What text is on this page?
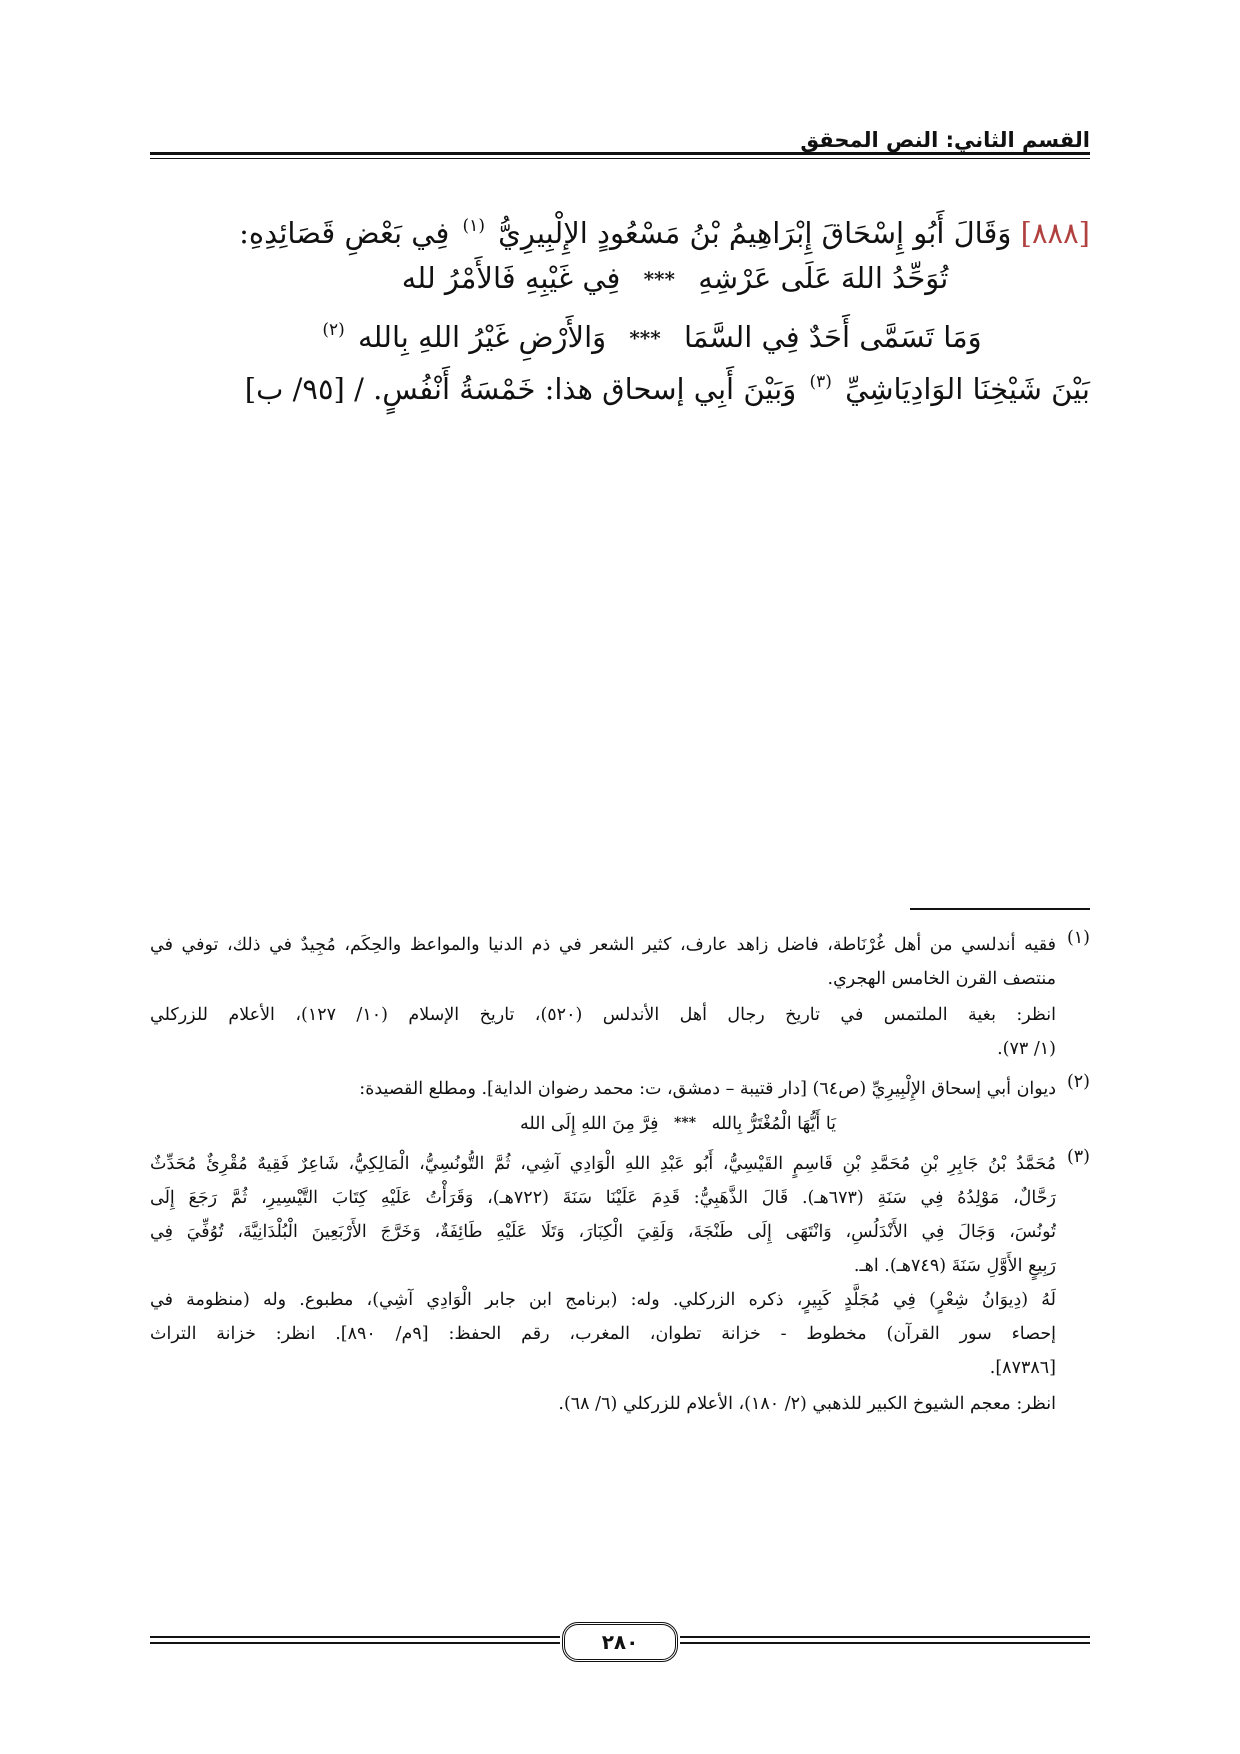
القسم الثاني: النص المحقق
[٨٨٨] وَقَالَ أَبُو إِسْحَاقَ إِبْرَاهِيمُ بْنُ مَسْعُودٍ الإِلْبِيرِيُّ $^{(١)}$ فِي بَعْضِ قَصَائِدِهِ:
تُوَحِّدُ اللهَ عَلَى عَرْشِهِ *** فِي غَيْبِهِ فَالأَمْرُ لله
وَمَا تَسَمَّى أَحَدٌ فِي السَّمَا *** وَالأَرْضِ غَيْرُ اللهِ بِالله $^{(٢)}$
بَيْنَ شَيْخِنَا الوَادِيَاشِيِّ $^{(٣)}$ وَبَيْنَ أَبِي إسحاق هذا: خَمْسَةُ أَنْفُسٍ. / [٩٥/ ب]
(١)
فقيه أندلسي من أهل غُرْنَاطة، فاضل زاهد عارف، كثير الشعر في ذم الدنيا والمواعظ والحِكَم، مُجِيدٌ في ذلك، توفي في
منتصف القرن الخامس الهجري.
انظر: بغية الملتمس في تاريخ رجال أهل الأندلس (٥٢٠)، تاريخ الإسلام (١٠/ ١٢٧)، الأعلام للزركلي
(١/ ٧٣).
(٢)
ديوان أبي إسحاق الإِلْبِيرِيِّ (ص٦٤) [دار قتيبة – دمشق، ت: محمد رضوان الداية]. ومطلع القصيدة:
يَا أَيُّهَا الْمُغْتَرُّ بِالله *** فِرَّ مِنَ اللهِ إِلَى الله
(٣)
مُحَمَّدُ بْنُ جَابِرِ بْنِ مُحَمَّدِ بْنِ قَاسِمٍ القَيْسِيُّ، أَبُو عَبْدِ اللهِ الْوَادِي آشِي، ثُمَّ التُّونُسِيُّ، الْمَالِكِيُّ، شَاعِرٌ فَقِيهٌ مُقْرِئٌ مُحَدِّثٌ
رَحَّالٌ، مَوْلِدُهُ فِي سَنَةِ (٦٧٣هـ). قَالَ الذَّهَبِيُّ: قَدِمَ عَلَيْنَا سَنَةَ (٧٢٢هـ)، وَقَرَأْتُ عَلَيْهِ كِتَابَ التَّيْسِيرِ، ثُمَّ رَجَعَ إِلَى
تُونُسَ، وَجَالَ فِي الأَنْدَلُسِ، وَانْتَهَى إِلَى طَنْجَةَ، وَلَقِيَ الْكِبَارَ، وَتَلَا عَلَيْهِ طَائِفَةٌ، وَخَرَّجَ الأَرْبَعِينَ الْبُلْدَانِيَّةَ، تُوُفِّيَ فِي
رَبِيعٍ الأَوَّلِ سَنَةَ (٧٤٩هـ). اهـ.
لَهُ (دِيوَانُ شِعْرٍ) فِي مُجَلَّدٍ كَبِيرٍ، ذكره الزركلي. وله: (برنامج ابن جابر الْوَادِي آشِي)، مطبوع. وله (منظومة في
إحصاء سور القرآن) مخطوط - خزانة تطوان، المغرب، رقم الحفظ: [٩م/ ٨٩٠]. انظر: خزانة التراث
[٨٧٣٨٦].
انظر: معجم الشيوخ الكبير للذهبي (٢/ ١٨٠)، الأعلام للزركلي (٦/ ٦٨).
٢٨٠
